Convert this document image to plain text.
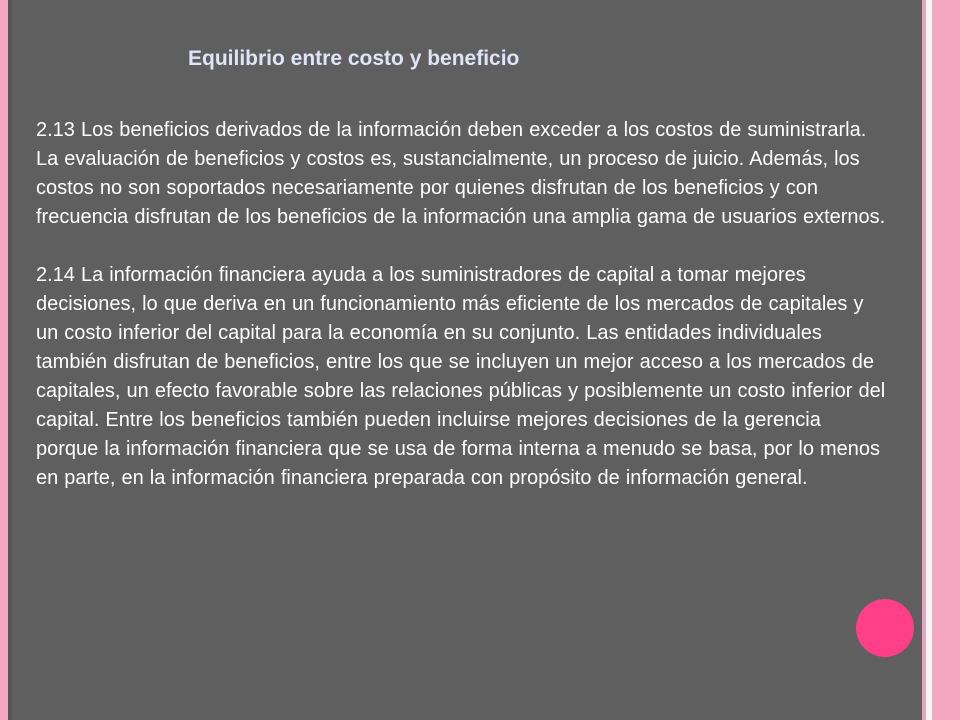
Equilibrio entre costo y beneficio

2.13 Los beneficios derivados de la información deben exceder a los costos de suministrarla. La evaluación de beneficios y costos es, sustancialmente, un proceso de juicio. Además, los costos no son soportados necesariamente por quienes disfrutan de los beneficios y con frecuencia disfrutan de los beneficios de la información una amplia gama de usuarios externos.

2.14 La información financiera ayuda a los suministradores de capital a tomar mejores decisiones, lo que deriva en un funcionamiento más eficiente de los mercados de capitales y un costo inferior del capital para la economía en su conjunto. Las entidades individuales también disfrutan de beneficios, entre los que se incluyen un mejor acceso a los mercados de capitales, un efecto favorable sobre las relaciones públicas y posiblemente un costo inferior del capital. Entre los beneficios también pueden incluirse mejores decisiones de la gerencia porque la información financiera que se usa de forma interna a menudo se basa, por lo menos en parte, en la información financiera preparada con propósito de información general.
